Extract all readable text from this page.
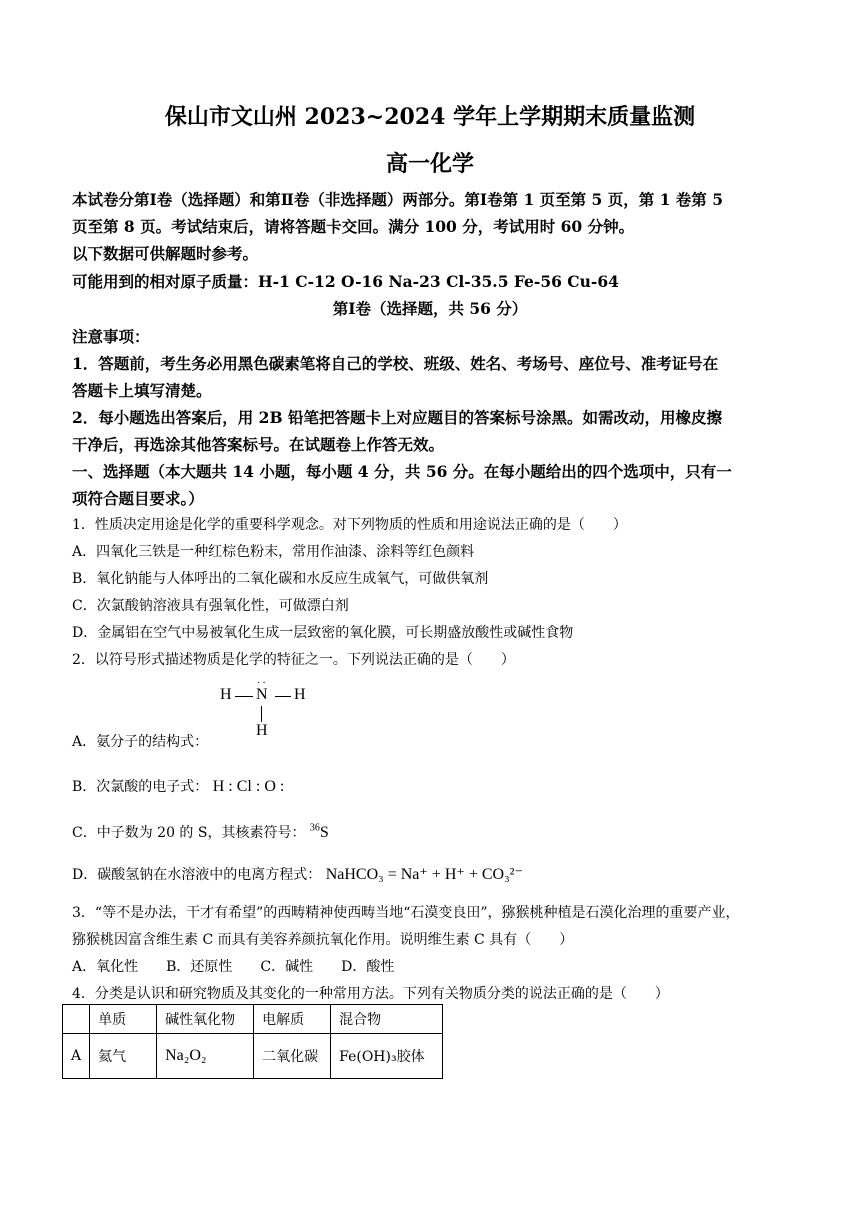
保山市文山州 2023~2024 学年上学期期末质量监测
高一化学
本试卷分第Ⅰ卷（选择题）和第Ⅱ卷（非选择题）两部分。第Ⅰ卷第 1 页至第 5 页，第 1 卷第 5
页至第 8 页。考试结束后，请将答题卡交回。满分 100 分，考试用时 60 分钟。
以下数据可供解题时参考。
可能用到的相对原子质量：H-1 C-12 O-16 Na-23 Cl-35.5 Fe-56 Cu-64
第Ⅰ卷（选择题，共 56 分）
注意事项：
1．答题前，考生务必用黑色碳素笔将自己的学校、班级、姓名、考场号、座位号、准考证号在
答题卡上填写清楚。
2．每小题选出答案后，用 2B 铅笔把答题卡上对应题目的答案标号涂黑。如需改动，用橡皮擦
干净后，再选涂其他答案标号。在试题卷上作答无效。
一、选择题（本大题共 14 小题，每小题 4 分，共 56 分。在每小题给出的四个选项中，只有一
项符合题目要求。）
1．性质决定用途是化学的重要科学观念。对下列物质的性质和用途说法正确的是（　　）
A．四氧化三铁是一种红棕色粉末，常用作油漆、涂料等红色颜料
B．氧化钠能与人体呼出的二氧化碳和水反应生成氧气，可做供氧剂
C．次氯酸钠溶液具有强氧化性，可做漂白剂
D．金属铝在空气中易被氧化生成一层致密的氧化膜，可长期盛放酸性或碱性食物
2．以符号形式描述物质是化学的特征之一。下列说法正确的是（　　）
H N
··
H
H
A．氨分子的结构式：
B．次氯酸的电子式： H : Cl : O :
C．中子数为 20 的 S，其核素符号： $^{36}$S
D．碳酸氢钠在水溶液中的电离方程式： NaHCO₃ = Na⁺ + H⁺ + CO₃²⁻
3．“等不是办法，干才有希望”的西畴精神使西畴当地“石漠变良田”，猕猴桃种植是石漠化治理的重要产业，
猕猴桃因富含维生素 C 而具有美容养颜抗氧化作用。说明维生素 C 具有（　　）
A．氧化性　　B．还原性　　C．碱性　　D．酸性
4．分类是认识和研究物质及其变化的一种常用方法。下列有关物质分类的说法正确的是（　　）
	单质	碱性氧化物	电解质	混合物
A	氦气	Na₂O₂	二氧化碳	Fe(OH)₃胶体
